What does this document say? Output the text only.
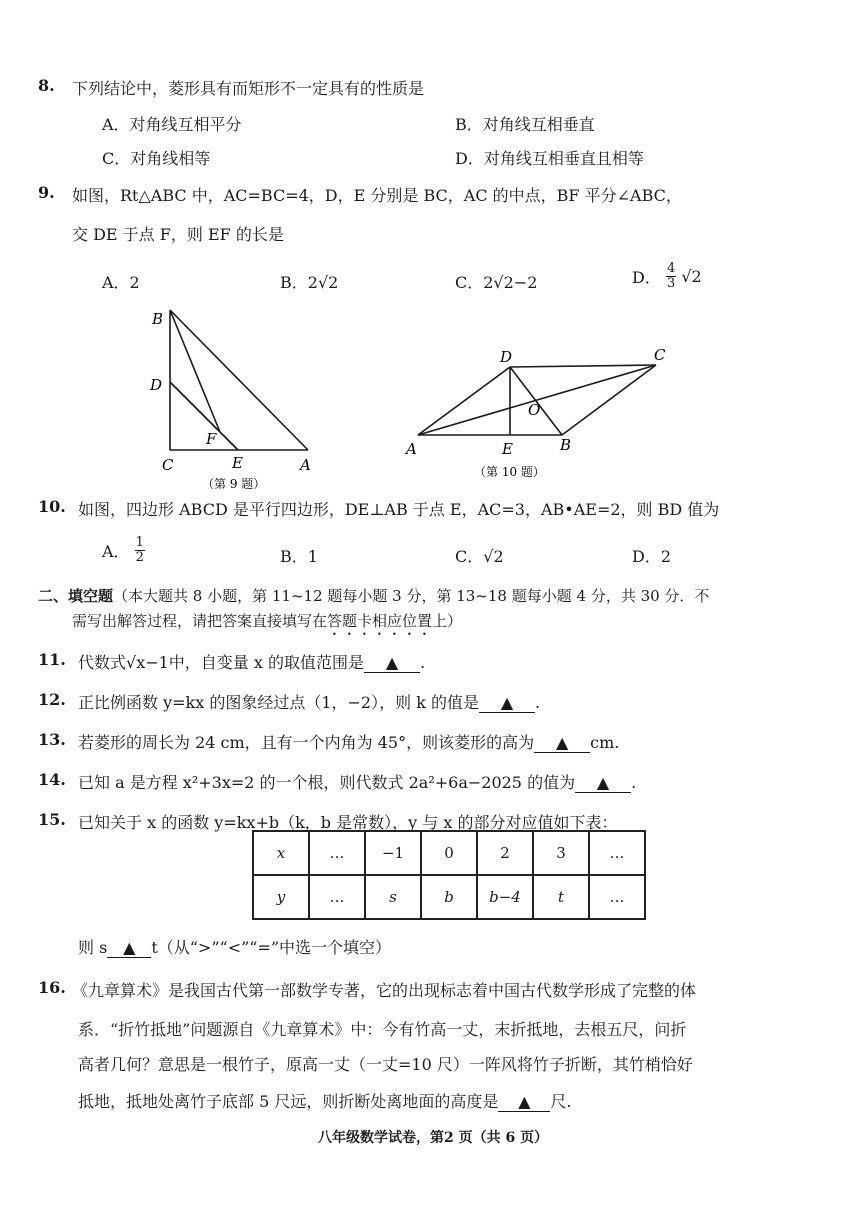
8. 下列结论中，菱形具有而矩形不一定具有的性质是
A．对角线互相平分	B．对角线互相垂直
C．对角线相等	D．对角线互相垂直且相等
9. 如图，Rt△ABC 中，AC=BC=4，D，E 分别是 BC，AC 的中点，BF 平分∠ABC，
交 DE 于点 F，则 EF 的长是
A．2	B．2√2	C．2√2−2	D． $\frac{4}{3} √2$
B
D
F
C	E	A
（第 9 题）
D	C
O
A	E	B
（第 10 题）
10. 如图，四边形 ABCD 是平行四边形，DE⊥AB 于点 E，AC=3，AB•AE=2，则 BD 值为
A． $\frac{1}{2}$	B．1	C．√2	D．2
二、填空题（本大题共 8 小题，第 11~12 题每小题 3 分，第 13~18 题每小题 4 分，共 30 分．不
需写出解答过程，请把答案直接填写在答题卡相应位置上）
11. 代数式√x−1中，自变量 x 的取值范围是 ▲ .
12. 正比例函数 y=kx 的图象经过点（1，−2），则 k 的值是 ▲ .
13. 若菱形的周长为 24 cm，且有一个内角为 45°，则该菱形的高为 ▲ cm.
14. 已知 a 是方程 x²+3x=2 的一个根，则代数式 2a²+6a−2025 的值为 ▲ .
15. 已知关于 x 的函数 y=kx+b（k，b 是常数），y 与 x 的部分对应值如下表：
x	…	−1	0	2	3	…
y	…	s	b	b−4	t	…
则 s ▲ t（从“>”“<”“=”中选一个填空）
16. 《九章算术》是我国古代第一部数学专著，它的出现标志着中国古代数学形成了完整的体
系．“折竹抵地”问题源自《九章算术》中：今有竹高一丈，末折抵地，去根五尺，问折
高者几何？意思是一根竹子，原高一丈（一丈=10 尺）一阵风将竹子折断，其竹梢恰好
抵地，抵地处离竹子底部 5 尺远，则折断处离地面的高度是 ▲ 尺.
八年级数学试卷，第2 页（共 6 页）
